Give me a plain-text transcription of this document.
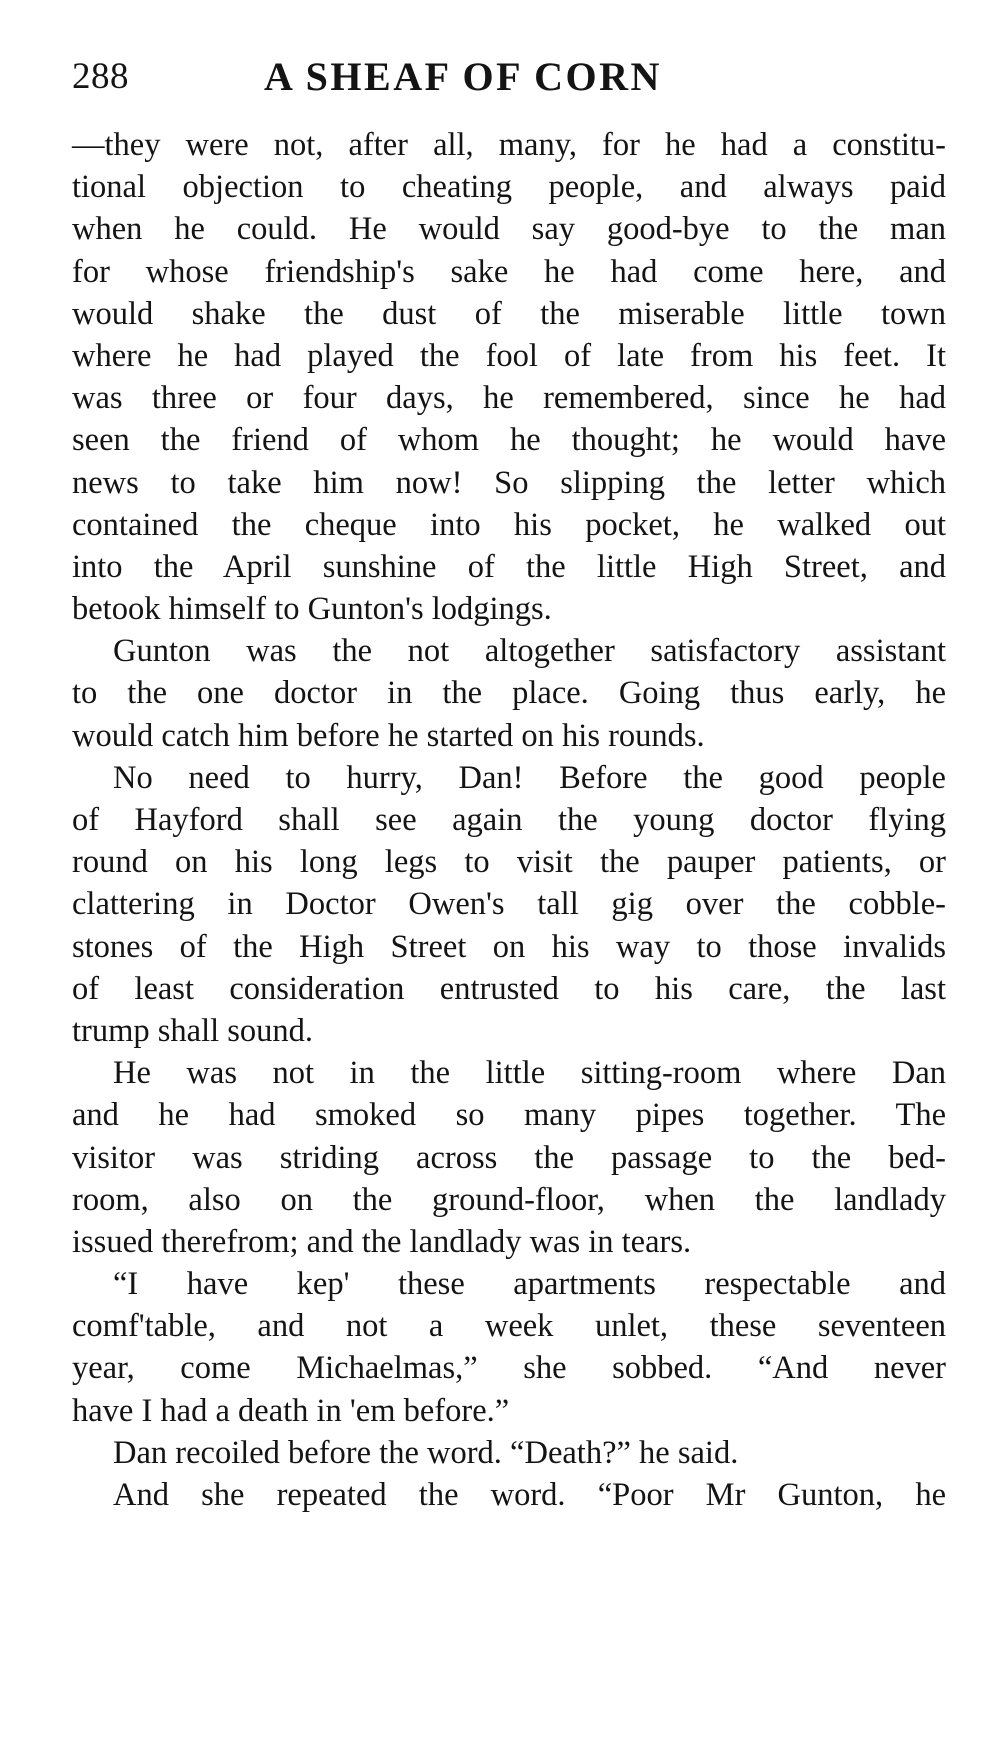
288	A SHEAF OF CORN
—they were not, after all, many, for he had a constitu-
tional objection to cheating people, and always paid
when he could. He would say good-bye to the man
for whose friendship's sake he had come here, and
would shake the dust of the miserable little town
where he had played the fool of late from his feet. It
was three or four days, he remembered, since he had
seen the friend of whom he thought; he would have
news to take him now! So slipping the letter which
contained the cheque into his pocket, he walked out
into the April sunshine of the little High Street, and
betook himself to Gunton's lodgings.
Gunton was the not altogether satisfactory assistant
to the one doctor in the place. Going thus early, he
would catch him before he started on his rounds.
No need to hurry, Dan! Before the good people
of Hayford shall see again the young doctor flying
round on his long legs to visit the pauper patients, or
clattering in Doctor Owen's tall gig over the cobble-
stones of the High Street on his way to those invalids
of least consideration entrusted to his care, the last
trump shall sound.
He was not in the little sitting-room where Dan
and he had smoked so many pipes together. The
visitor was striding across the passage to the bed-
room, also on the ground-floor, when the landlady
issued therefrom; and the landlady was in tears.
“I have kep' these apartments respectable and
comf'table, and not a week unlet, these seventeen
year, come Michaelmas,” she sobbed. “And never
have I had a death in 'em before.”
Dan recoiled before the word. “Death?” he said.
And she repeated the word. “Poor Mr Gunton, he
